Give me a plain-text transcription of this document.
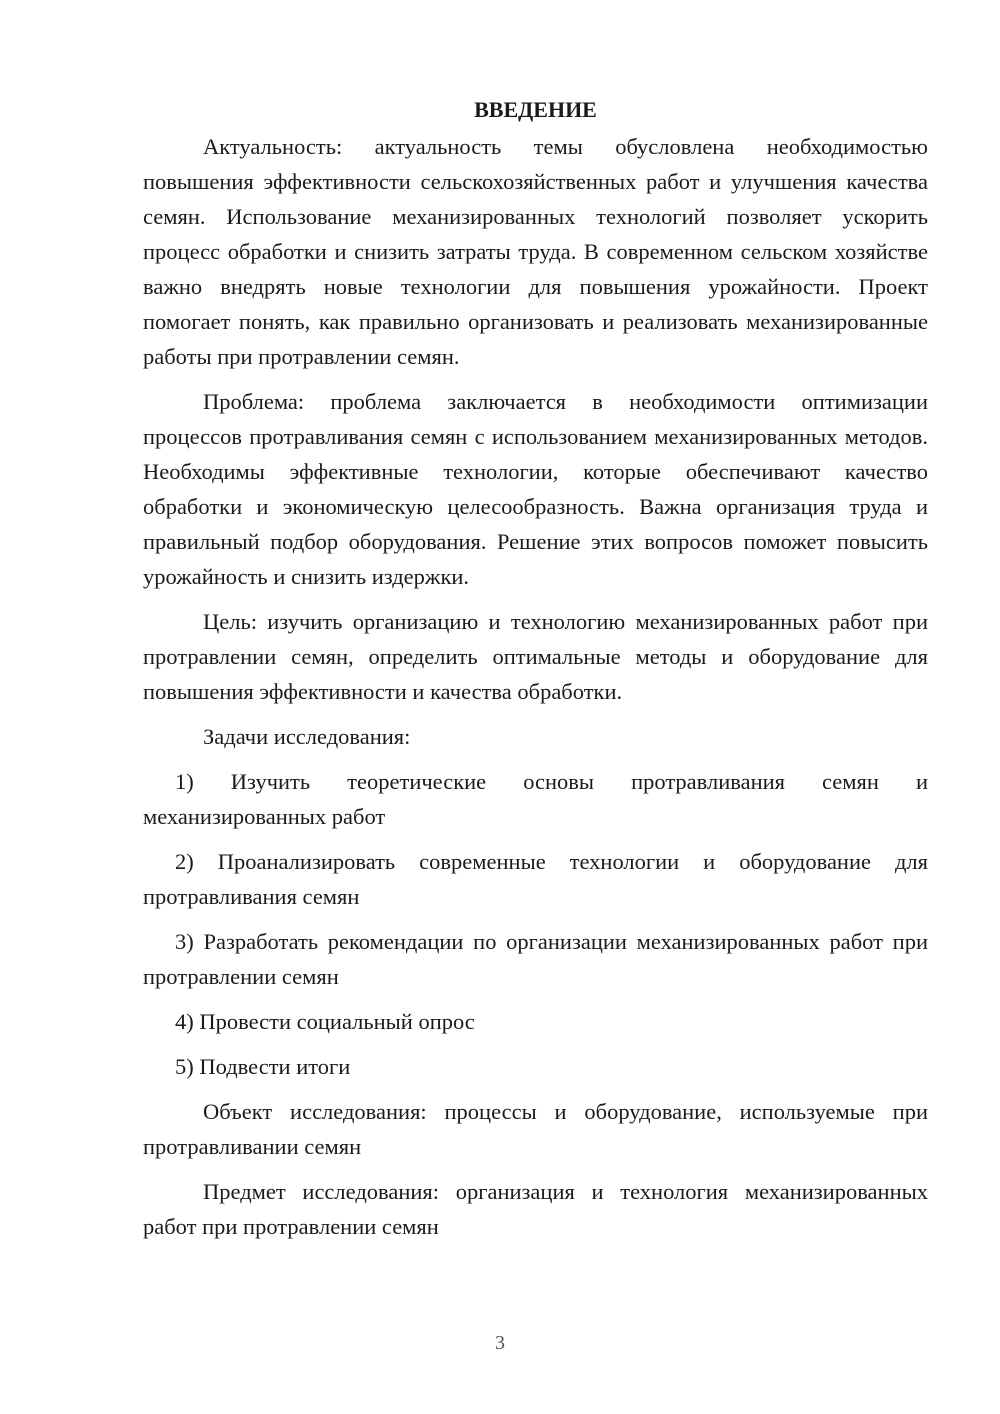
ВВЕДЕНИЕ

Актуальность: актуальность темы обусловлена необходимостью повышения эффективности сельскохозяйственных работ и улучшения качества семян. Использование механизированных технологий позволяет ускорить процесс обработки и снизить затраты труда. В современном сельском хозяйстве важно внедрять новые технологии для повышения урожайности. Проект помогает понять, как правильно организовать и реализовать механизированные работы при протравлении семян.

Проблема: проблема заключается в необходимости оптимизации процессов протравливания семян с использованием механизированных методов. Необходимы эффективные технологии, которые обеспечивают качество обработки и экономическую целесообразность. Важна организация труда и правильный подбор оборудования. Решение этих вопросов поможет повысить урожайность и снизить издержки.

Цель: изучить организацию и технологию механизированных работ при протравлении семян, определить оптимальные методы и оборудование для повышения эффективности и качества обработки.

Задачи исследования:

1) Изучить теоретические основы протравливания семян и механизированных работ

2) Проанализировать современные технологии и оборудование для протравливания семян

3) Разработать рекомендации по организации механизированных работ при протравлении семян

4) Провести социальный опрос

5) Подвести итоги

Объект исследования: процессы и оборудование, используемые при протравливании семян

Предмет исследования: организация и технология механизированных работ при протравлении семян

3
